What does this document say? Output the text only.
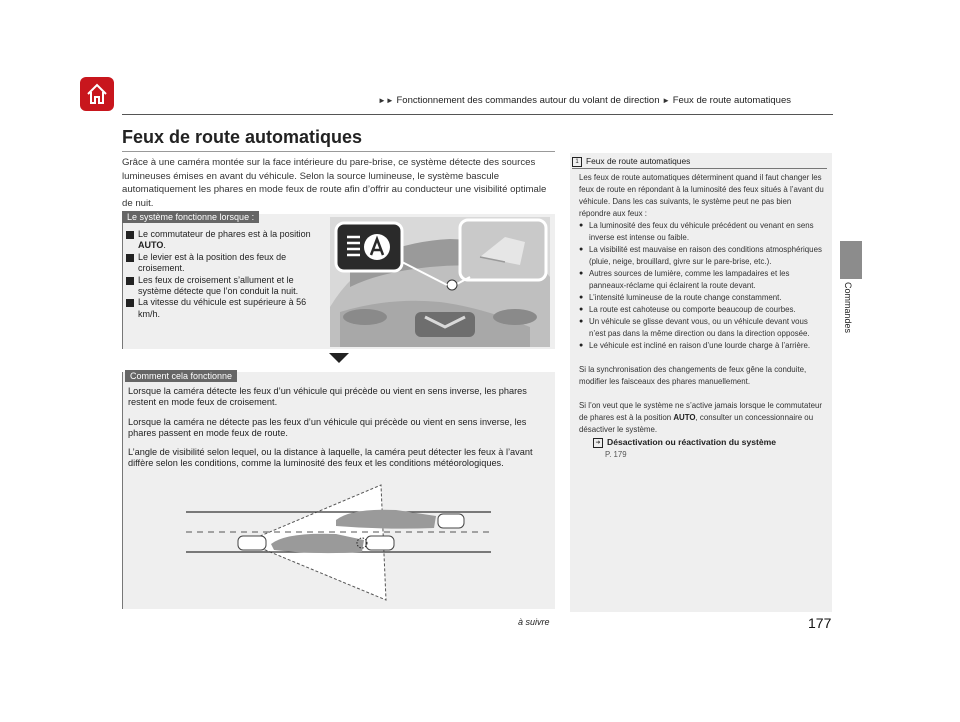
►► Fonctionnement des commandes autour du volant de direction ► Feux de route automatiques
Commandes
Feux de route automatiques

Grâce à une caméra montée sur la face intérieure du pare-brise, ce système détecte des sources lumineuses émises en avant du véhicule. Selon la source lumineuse, le système bascule automatiquement les phares en mode feux de route afin d’offrir au conducteur une visibilité optimale de nuit.

Le système fonctionne lorsque :
Le commutateur de phares est à la position AUTO.
Le levier est à la position des feux de croisement.
Les feux de croisement s’allument et le système détecte que l’on conduit la nuit.
La vitesse du véhicule est supérieure à 56 km/h.
Comment cela fonctionne

Lorsque la caméra détecte les feux d’un véhicule qui précède ou vient en sens inverse, les phares restent en mode feux de croisement.

Lorsque la caméra ne détecte pas les feux d’un véhicule qui précède ou vient en sens inverse, les phares passent en mode feux de route.

L’angle de visibilité selon lequel, ou la distance à laquelle, la caméra peut détecter les feux à l’avant diffère selon les conditions, comme la luminosité des feux et les conditions météorologiques.

1 Feux de route automatiques

Les feux de route automatiques déterminent quand il faut changer les feux de route en répondant à la luminosité des feux situés à l’avant du véhicule. Dans les cas suivants, le système peut ne pas bien répondre aux feux :

● La luminosité des feux du véhicule précédent ou venant en sens inverse est intense ou faible.
● La visibilité est mauvaise en raison des conditions atmosphériques (pluie, neige, brouillard, givre sur le pare-brise, etc.).
● Autres sources de lumière, comme les lampadaires et les panneaux-réclame qui éclairent la route devant.
● L’intensité lumineuse de la route change constamment.
● La route est cahoteuse ou comporte beaucoup de courbes.
● Un véhicule se glisse devant vous, ou un véhicule devant vous n’est pas dans la même direction ou dans la direction opposée.
● Le véhicule est incliné en raison d’une lourde charge à l’arrière.

Si la synchronisation des changements de feux gêne la conduite, modifier les faisceaux des phares manuellement.

Si l’on veut que le système ne s’active jamais lorsque le commutateur de phares est à la position AUTO, consulter un concessionnaire ou désactiver le système.

➜ Désactivation ou réactivation du système
P. 179
à suivre	177
